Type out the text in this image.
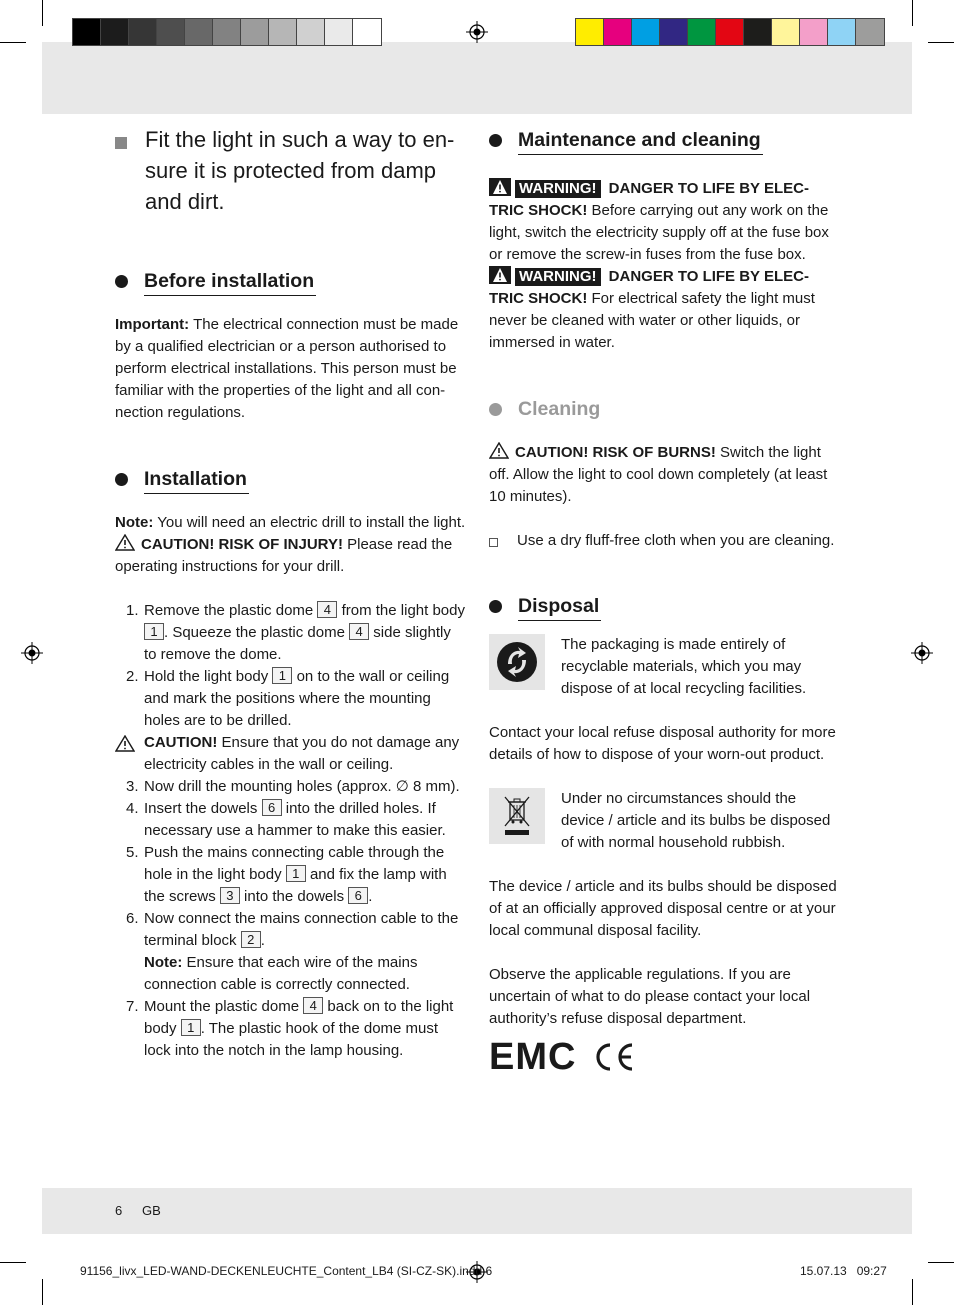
Fit the light in such a way to en-sure it is protected from damp and dirt.
Before installation

Important: The electrical connection must be made by a qualified electrician or a person authorised to perform electrical installations. This person must be familiar with the properties of the light and all con-nection regulations.

Installation

Note: You will need an electric drill to install the light.

CAUTION! RISK OF INJURY! Please read the operating instructions for your drill.

1. Remove the plastic dome 4 from the light body 1 . Squeeze the plastic dome 4 side slightly to remove the dome.
2. Hold the light body 1 on to the wall or ceiling and mark the positions where the mounting holes are to be drilled.
CAUTION! Ensure that you do not damage any electricity cables in the wall or ceiling.
3. Now drill the mounting holes (approx. ∅ 8 mm).
4. Insert the dowels 6 into the drilled holes. If necessary use a hammer to make this easier.
5. Push the mains connecting cable through the hole in the light body 1 and fix the lamp with the screws 3 into the dowels 6 .
6. Now connect the mains connection cable to the terminal block 2 .
Note: Ensure that each wire of the mains connection cable is correctly connected.
7. Mount the plastic dome 4 back on to the light body 1 . The plastic hook of the dome must lock into the notch in the lamp housing.
Maintenance and cleaning

WARNING! DANGER TO LIFE BY ELEC-TRIC SHOCK! Before carrying out any work on the light, switch the electricity supply off at the fuse box or remove the screw-in fuses from the fuse box.

WARNING! DANGER TO LIFE BY ELEC-TRIC SHOCK! For electrical safety the light must never be cleaned with water or other liquids, or immersed in water.

Cleaning

CAUTION! RISK OF BURNS! Switch the light off. Allow the light to cool down completely (at least 10 minutes).

Use a dry fluff-free cloth when you are cleaning.
Disposal

The packaging is made entirely of recyclable materials, which you may dispose of at local recycling facilities.

Contact your local refuse disposal authority for more details of how to dispose of your worn-out product.

Under no circumstances should the device / article and its bulbs be disposed of with normal household rubbish.

The device / article and its bulbs should be disposed of at an officially approved disposal centre or at your local communal disposal facility.

Observe the applicable regulations. If you are uncertain of what to do please contact your local authority’s refuse disposal department.

EMC
6 GB
91156_livx_LED-WAND-DECKENLEUCHTE_Content_LB4 (SI-CZ-SK).indd 6	15.07.13   09:27
